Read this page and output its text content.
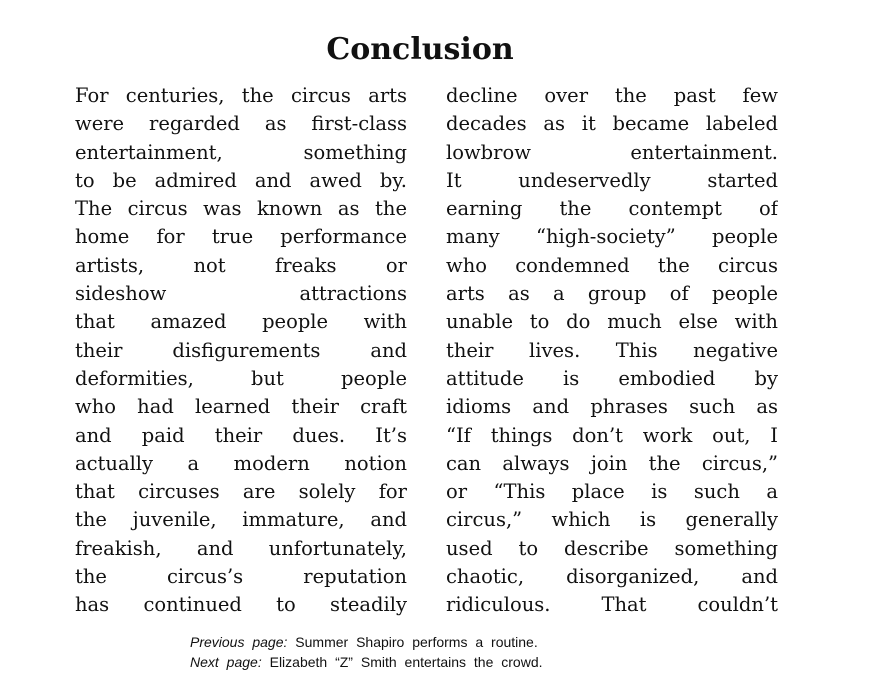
Conclusion
For centuries, the circus arts
were regarded as first-class
entertainment, something
to be admired and awed by.
The circus was known as the
home for true performance
artists, not freaks or
sideshow attractions
that amazed people with
their disfigurements and
deformities, but people
who had learned their craft
and paid their dues. It’s
actually a modern notion
that circuses are solely for
the juvenile, immature, and
freakish, and unfortunately,
the circus’s reputation
has continued to steadily
decline over the past few
decades as it became labeled
lowbrow entertainment.
It undeservedly started
earning the contempt of
many “high-society” people
who condemned the circus
arts as a group of people
unable to do much else with
their lives. This negative
attitude is embodied by
idioms and phrases such as
“If things don’t work out, I
can always join the circus,”
or “This place is such a
circus,” which is generally
used to describe something
chaotic, disorganized, and
ridiculous. That couldn’t
Previous page: Summer Shapiro performs a routine.
Next page: Elizabeth “Z” Smith entertains the crowd.
